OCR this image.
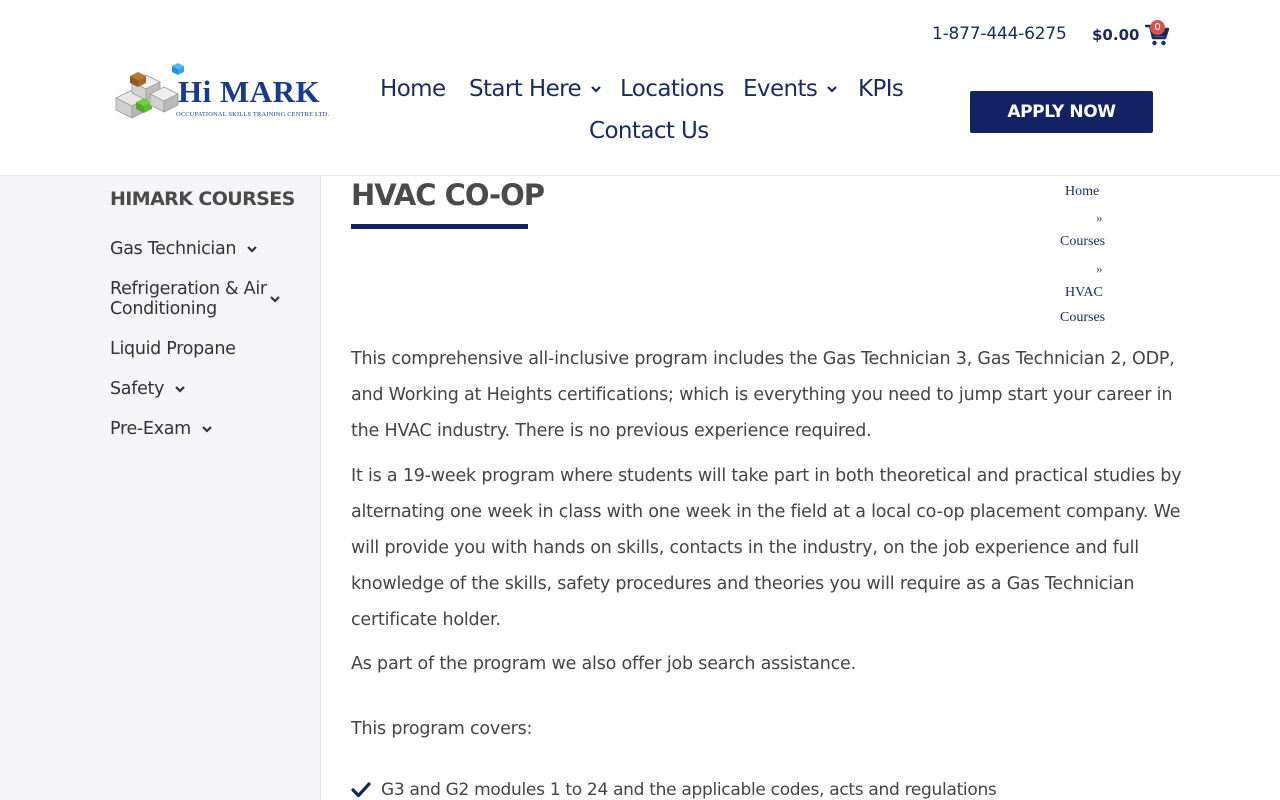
Hi MARK
OCCUPATIONAL SKILLS TRAINING CENTRE LTD.
1-877-444-6275 $0.00	0
Home Start Here Locations Events KPIs
Contact Us
APPLY NOW
HIMARK COURSES
Gas Technician
Refrigeration & Air
Conditioning
Liquid Propane
Safety
Pre-Exam
HVAC CO-OP	Home
»
Courses
»
HVAC
Courses

This comprehensive all-inclusive program includes the Gas Technician 3, Gas Technician 2, ODP, and Working at Heights certifications; which is everything you need to jump start your career in the HVAC industry. There is no previous experience required.

It is a 19-week program where students will take part in both theoretical and practical studies by alternating one week in class with one week in the field at a local co-op placement company. We will provide you with hands on skills, contacts in the industry, on the job experience and full knowledge of the skills, safety procedures and theories you will require as a Gas Technician certificate holder.

As part of the program we also offer job search assistance.

This program covers:

G3 and G2 modules 1 to 24 and the applicable codes, acts and regulations
